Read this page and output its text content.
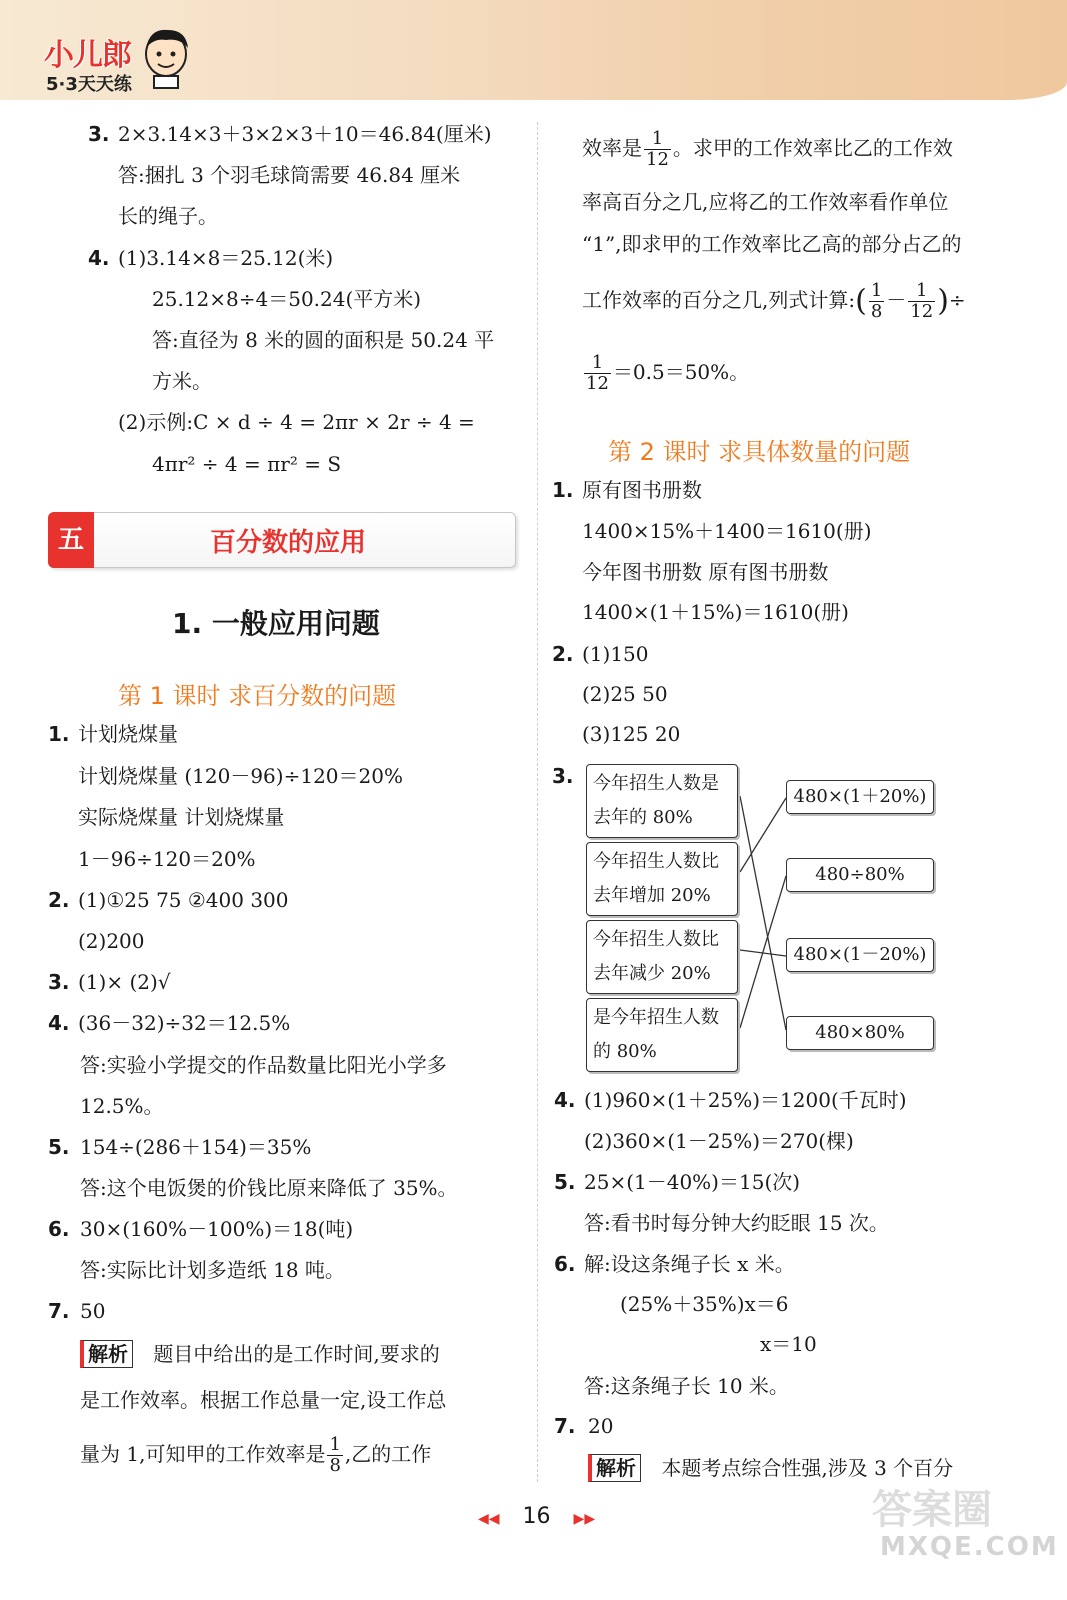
小儿郎
5·3天天练
3. 2×3.14×3＋3×2×3＋10＝46.84(厘米)
答:捆扎 3 个羽毛球筒需要 46.84 厘米
长的绳子。
4. (1)3.14×8＝25.12(米)
25.12×8÷4＝50.24(平方米)
答:直径为 8 米的圆的面积是 50.24 平
方米。
(2)示例:C × d ÷ 4 = 2πr × 2r ÷ 4 =
4πr² ÷ 4 = πr² = S
五	百分数的应用
1. 一般应用问题
第 1 课时 求百分数的问题
1. 计划烧煤量
计划烧煤量 (120－96)÷120＝20%
实际烧煤量 计划烧煤量
1－96÷120＝20%
2. (1)①25 75 ②400 300
(2)200
3. (1)× (2)√
4. (36－32)÷32＝12.5%
答:实验小学提交的作品数量比阳光小学多
12.5%。
5. 154÷(286＋154)＝35%
答:这个电饭煲的价钱比原来降低了 35%。
6. 30×(160%－100%)＝18(吨)
答:实际比计划多造纸 18 吨。
7. 50
解析 题目中给出的是工作时间,要求的
是工作效率。根据工作总量一定,设工作总
量为 1,可知甲的工作效率是 $\frac{1}{8}$ ,乙的工作
效率是 $\frac{1}{12}$ 。求甲的工作效率比乙的工作效
率高百分之几,应将乙的工作效率看作单位
“1”,即求甲的工作效率比乙高的部分占乙的
工作效率的百分之几,列式计算:( $\frac{1}{8} - \frac{1}{12}$ )÷
$\frac{1}{12} =0.5=50\%$。
第 2 课时 求具体数量的问题
1. 原有图书册数
1400×15%＋1400＝1610(册)
今年图书册数 原有图书册数
1400×(1＋15%)＝1610(册)
2. (1)150
(2)25 50
(3)125 20
3. 今年招生人数是
去年的 80%
今年招生人数比
去年增加 20%
今年招生人数比
去年减少 20%
是今年招生人数
的 80%
480×(1＋20%)
480÷80%
480×(1－20%)
480×80%
4. (1)960×(1＋25%)＝1200(千瓦时)
(2)360×(1－25%)＝270(棵)
5. 25×(1－40%)＝15(次)
答:看书时每分钟大约眨眼 15 次。
6. 解:设这条绳子长 x 米。
(25%＋35%)x＝6
x＝10
答:这条绳子长 10 米。
7. 20
解析 本题考点综合性强,涉及 3 个百分
◀◀ 16 ▶▶	答案圈
MXQE.COM
